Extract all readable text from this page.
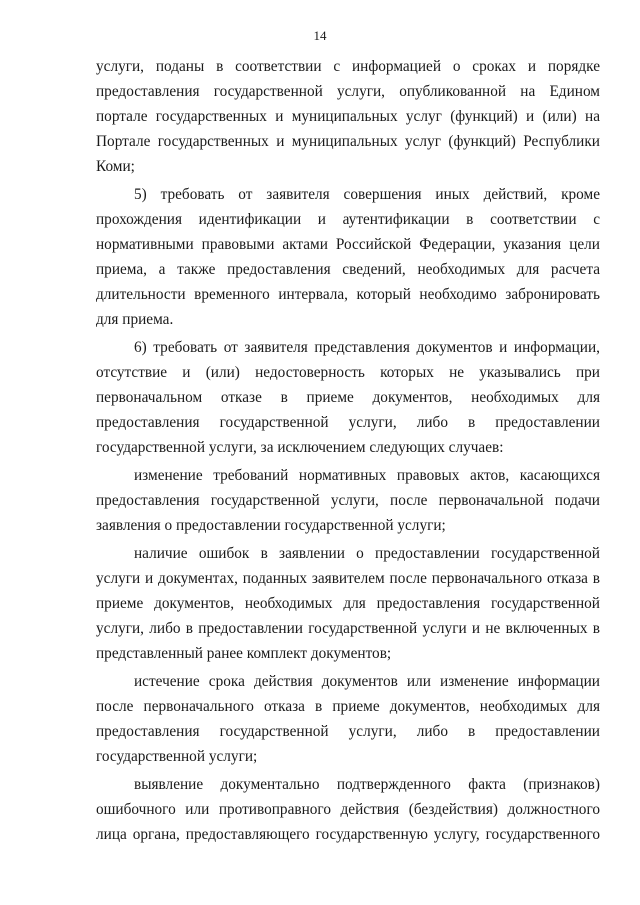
14

услуги, поданы в соответствии с информацией о сроках и порядке предоставления государственной услуги, опубликованной на Едином портале государственных и муниципальных услуг (функций) и (или) на Портале государственных и муниципальных услуг (функций) Республики Коми;

5) требовать от заявителя совершения иных действий, кроме прохождения идентификации и аутентификации в соответствии с нормативными правовыми актами Российской Федерации, указания цели приема, а также предоставления сведений, необходимых для расчета длительности временного интервала, который необходимо забронировать для приема.

6) требовать от заявителя представления документов и информации, отсутствие и (или) недостоверность которых не указывались при первоначальном отказе в приеме документов, необходимых для предоставления государственной услуги, либо в предоставлении государственной услуги, за исключением следующих случаев:

изменение требований нормативных правовых актов, касающихся предоставления государственной услуги, после первоначальной подачи заявления о предоставлении государственной услуги;

наличие ошибок в заявлении о предоставлении государственной услуги и документах, поданных заявителем после первоначального отказа в приеме документов, необходимых для предоставления государственной услуги, либо в предоставлении государственной услуги и не включенных в представленный ранее комплект документов;

истечение срока действия документов или изменение информации после первоначального отказа в приеме документов, необходимых для предоставления государственной услуги, либо в предоставлении государственной услуги;

выявление документально подтвержденного факта (признаков) ошибочного или противоправного действия (бездействия) должностного лица органа, предоставляющего государственную услугу, государственного
